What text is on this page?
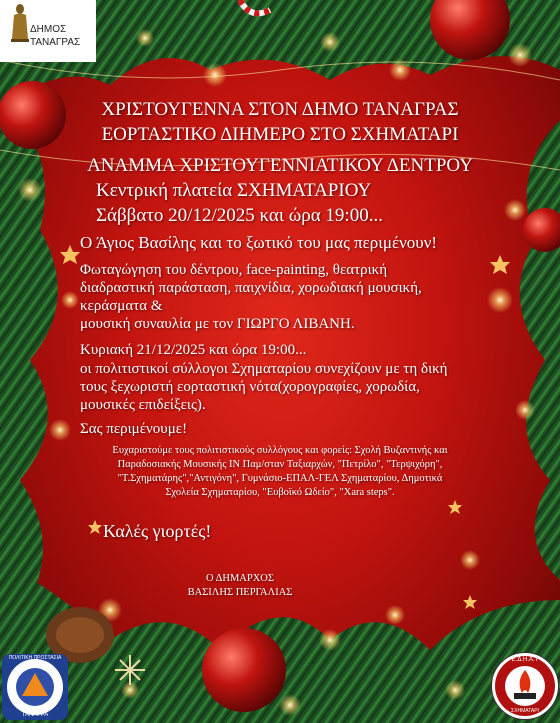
ΔΗΜΟΣ
ΤΑΝΑΓΡΑΣ
ΧΡΙΣΤΟΥΓΕΝΝΑ ΣΤΟΝ ΔΗΜΟ ΤΑΝΑΓΡΑΣ
ΕΟΡΤΑΣΤΙΚΟ ΔΙΗΜΕΡΟ ΣΤΟ ΣΧΗΜΑΤΑΡΙ
ΑΝΑΜΜΑ ΧΡΙΣΤΟΥΓΕΝΝΙΑΤΙΚΟΥ ΔΕΝΤΡΟΥ
Κεντρική πλατεία ΣΧΗΜΑΤΑΡΙΟΥ
Σάββατο 20/12/2025 και ώρα 19:00...
Ο Άγιος Βασίλης και το ξωτικό του μας περιμένουν!
Φωταγώγηση του δέντρου, face-painting, θεατρική
διαδραστική παράσταση, παιχνίδια, χορωδιακή μουσική,
κεράσματα &
μουσική συναυλία με τον ΓΙΩΡΓΟ ΛΙΒΑΝΗ.
Κυριακή 21/12/2025 και ώρα 19:00...
οι πολιτιστικοί σύλλογοι Σχηματαρίου συνεχίζουν με τη δική
τους ξεχωριστή εορταστική νότα(χορογραφίες, χορωδία,
μουσικές επιδείξεις).
Σας περιμένουμε!
Ευχαριστούμε τους πολιτιστικούς συλλόγους και φορείς: Σχολή Βυζαντινής και
Παραδοσιακής Μουσικής ΙΝ Παμ/σταν Ταξιαρχών, "Πετρίλο", "Τερψιχόρη",
"Τ.Σχηματάρης","Αντιγόνη", Γυμνάσιο-ΕΠΑΛ-ΓΕΛ Σχηματαρίου, Δημοτικά
Σχολεία Σχηματαρίου, "Ευβοϊκό Ωδείο", "Xara steps".
Καλές γιορτές!
Ο ΔΗΜΑΡΧΟΣ
ΒΑΣΙΛΗΣ ΠΕΡΓΑΛΙΑΣ
ΠΟΛΙΤΙΚΗ ΠΡΟΣΤΑΣΙΑ
ΤΑΝΑΓΡΑ
Ε.Δ.Η.Α.Τ
ΣΧΗΜΑΤΑΡΙ
